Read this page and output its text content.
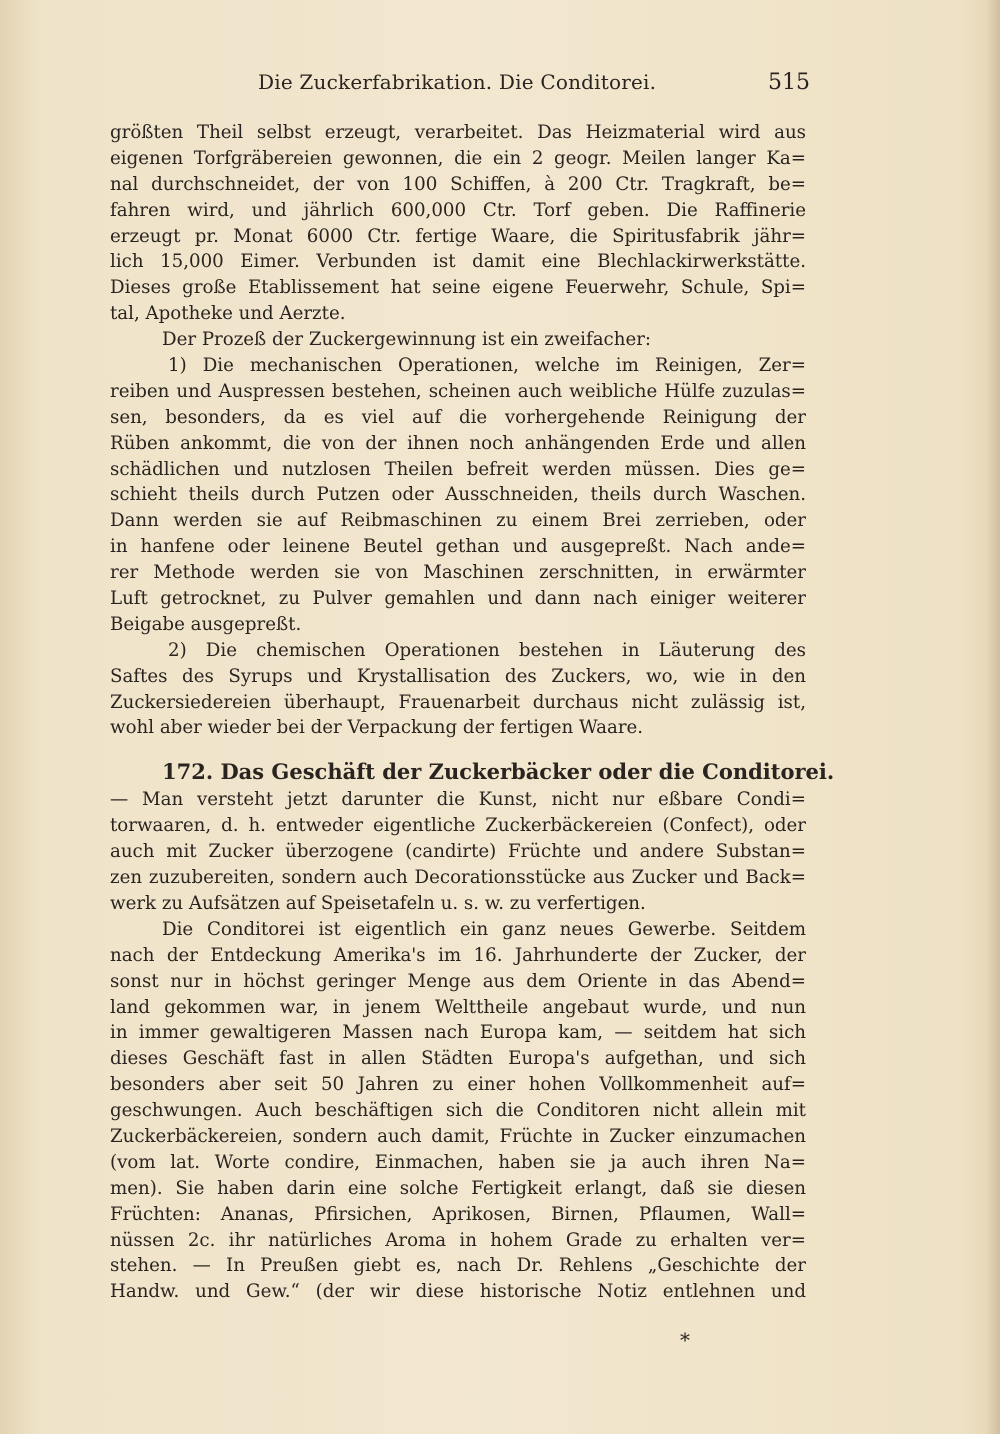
Die Zuckerfabrikation. Die Conditorei.	515
größten Theil selbst erzeugt, verarbeitet. Das Heizmaterial wird aus
eigenen Torfgräbereien gewonnen, die ein 2 geogr. Meilen langer Ka=
nal durchschneidet, der von 100 Schiffen, à 200 Ctr. Tragkraft, be=
fahren wird, und jährlich 600,000 Ctr. Torf geben. Die Raffinerie
erzeugt pr. Monat 6000 Ctr. fertige Waare, die Spiritusfabrik jähr=
lich 15,000 Eimer. Verbunden ist damit eine Blechlackirwerkstätte.
Dieses große Etablissement hat seine eigene Feuerwehr, Schule, Spi=
tal, Apotheke und Aerzte.
Der Prozeß der Zuckergewinnung ist ein zweifacher:
1) Die mechanischen Operationen, welche im Reinigen, Zer=
reiben und Auspressen bestehen, scheinen auch weibliche Hülfe zuzulas=
sen, besonders, da es viel auf die vorhergehende Reinigung der
Rüben ankommt, die von der ihnen noch anhängenden Erde und allen
schädlichen und nutzlosen Theilen befreit werden müssen. Dies ge=
schieht theils durch Putzen oder Ausschneiden, theils durch Waschen.
Dann werden sie auf Reibmaschinen zu einem Brei zerrieben, oder
in hanfene oder leinene Beutel gethan und ausgepreßt. Nach ande=
rer Methode werden sie von Maschinen zerschnitten, in erwärmter
Luft getrocknet, zu Pulver gemahlen und dann nach einiger weiterer
Beigabe ausgepreßt.
2) Die chemischen Operationen bestehen in Läuterung des
Saftes des Syrups und Krystallisation des Zuckers, wo, wie in den
Zuckersiedereien überhaupt, Frauenarbeit durchaus nicht zulässig ist,
wohl aber wieder bei der Verpackung der fertigen Waare.
172. Das Geschäft der Zuckerbäcker oder die Conditorei.
— Man versteht jetzt darunter die Kunst, nicht nur eßbare Condi=
torwaaren, d. h. entweder eigentliche Zuckerbäckereien (Confect), oder
auch mit Zucker überzogene (candirte) Früchte und andere Substan=
zen zuzubereiten, sondern auch Decorationsstücke aus Zucker und Back=
werk zu Aufsätzen auf Speisetafeln u. s. w. zu verfertigen.
Die Conditorei ist eigentlich ein ganz neues Gewerbe. Seitdem
nach der Entdeckung Amerika's im 16. Jahrhunderte der Zucker, der
sonst nur in höchst geringer Menge aus dem Oriente in das Abend=
land gekommen war, in jenem Welttheile angebaut wurde, und nun
in immer gewaltigeren Massen nach Europa kam, — seitdem hat sich
dieses Geschäft fast in allen Städten Europa's aufgethan, und sich
besonders aber seit 50 Jahren zu einer hohen Vollkommenheit auf=
geschwungen. Auch beschäftigen sich die Conditoren nicht allein mit
Zuckerbäckereien, sondern auch damit, Früchte in Zucker einzumachen
(vom lat. Worte condire, Einmachen, haben sie ja auch ihren Na=
men). Sie haben darin eine solche Fertigkeit erlangt, daß sie diesen
Früchten: Ananas, Pfirsichen, Aprikosen, Birnen, Pflaumen, Wall=
nüssen 2c. ihr natürliches Aroma in hohem Grade zu erhalten ver=
stehen. — In Preußen giebt es, nach Dr. Rehlens „Geschichte der
Handw. und Gew.“ (der wir diese historische Notiz entlehnen und
*
